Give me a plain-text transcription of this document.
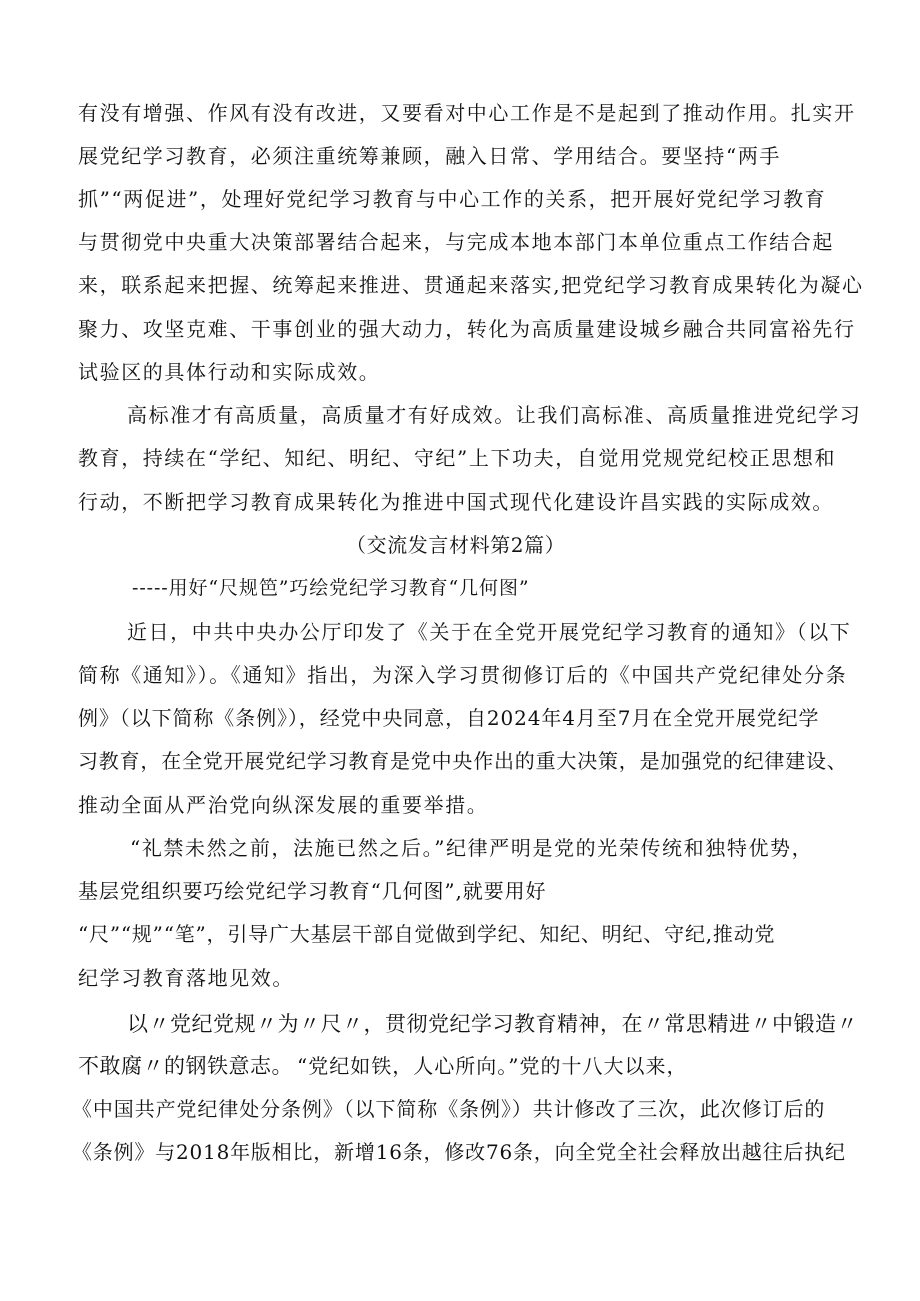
有没有增强、作风有没有改进，又要看对中心工作是不是起到了推动作用。扎实开
展党纪学习教育，必须注重统筹兼顾，融入日常、学用结合。要坚持“两手
抓”“两促进”，处理好党纪学习教育与中心工作的关系，把开展好党纪学习教育
与贯彻党中央重大决策部署结合起来，与完成本地本部门本单位重点工作结合起
来，联系起来把握、统筹起来推进、贯通起来落实,把党纪学习教育成果转化为凝心
聚力、攻坚克难、干事创业的强大动力，转化为高质量建设城乡融合共同富裕先行
试验区的具体行动和实际成效。
高标准才有高质量，高质量才有好成效。让我们高标准、高质量推进党纪学习
教育，持续在“学纪、知纪、明纪、守纪”上下功夫，自觉用党规党纪校正思想和
行动，不断把学习教育成果转化为推进中国式现代化建设许昌实践的实际成效。
（交流发言材料第2篇）
-----用好“尺规笆”巧绘党纪学习教育“几何图”
近日，中共中央办公厅印发了《关于在全党开展党纪学习教育的通知》（以下
简称《通知》）。《通知》指出，为深入学习贯彻修订后的《中国共产党纪律处分条
例》（以下简称《条例》），经党中央同意，自2024年4月至7月在全党开展党纪学
习教育，在全党开展党纪学习教育是党中央作出的重大决策，是加强党的纪律建设、
推动全面从严治党向纵深发展的重要举措。
“礼禁未然之前，法施已然之后。”纪律严明是党的光荣传统和独特优势，
基层党组织要巧绘党纪学习教育“几何图”,就要用好
“尺”“规”“笔”，引导广大基层干部自觉做到学纪、知纪、明纪、守纪,推动党
纪学习教育落地见效。
以〃党纪党规〃为〃尺〃，贯彻党纪学习教育精神，在〃常思精进〃中锻造〃
不敢腐〃的钢铁意志。 “党纪如铁，人心所向。”党的十八大以来，
《中国共产党纪律处分条例》（以下简称《条例》）共计修改了三次，此次修订后的
《条例》与2018年版相比，新增16条，修改76条，向全党全社会释放出越往后执纪
